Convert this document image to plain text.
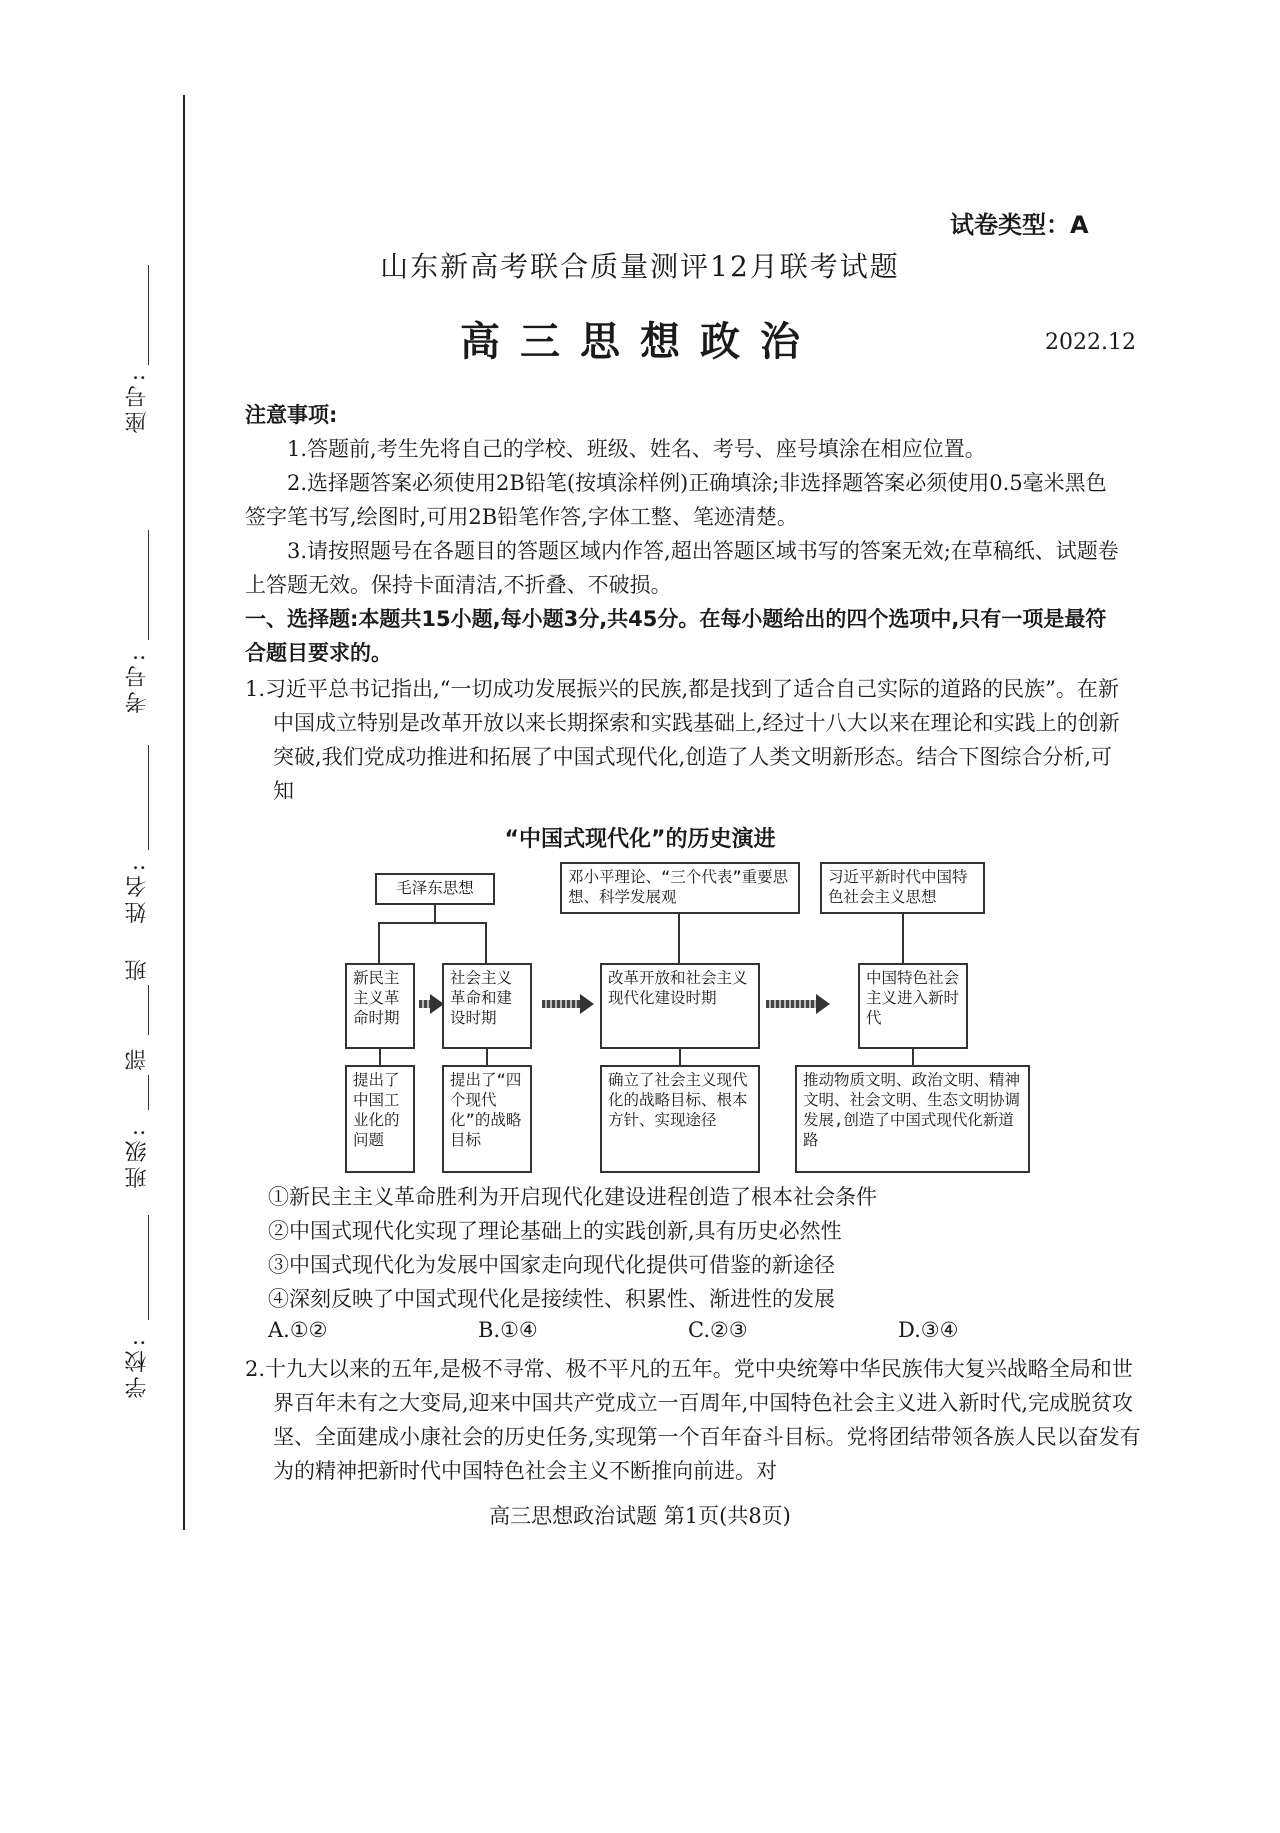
座号:
考号:
姓名:
班
部
班级:
学校:
试卷类型：A
山东新高考联合质量测评12月联考试题
高三思想政治	2022.12
注意事项:
1.答题前,考生先将自己的学校、班级、姓名、考号、座号填涂在相应位置。
2.选择题答案必须使用2B铅笔(按填涂样例)正确填涂;非选择题答案必须使用0.5毫米黑色签字笔书写,绘图时,可用2B铅笔作答,字体工整、笔迹清楚。
3.请按照题号在各题目的答题区域内作答,超出答题区域书写的答案无效;在草稿纸、试题卷上答题无效。保持卡面清洁,不折叠、不破损。
一、选择题:本题共15小题,每小题3分,共45分。在每小题给出的四个选项中,只有一项是最符合题目要求的。
1.习近平总书记指出,“一切成功发展振兴的民族,都是找到了适合自己实际的道路的民族”。在新中国成立特别是改革开放以来长期探索和实践基础上,经过十八大以来在理论和实践上的创新突破,我们党成功推进和拓展了中国式现代化,创造了人类文明新形态。结合下图综合分析,可知
“中国式现代化”的历史演进
毛泽东思想
邓小平理论、“三个代表”重要思想、科学发展观
习近平新时代中国特色社会主义思想
新民主主义革命时期
社会主义革命和建设时期
改革开放和社会主义现代化建设时期
中国特色社会主义进入新时代
提出了中国工业化的问题
提出了“四个现代化”的战略目标
确立了社会主义现代化的战略目标、根本方针、实现途径
推动物质文明、政治文明、精神文明、社会文明、生态文明协调发展,创造了中国式现代化新道路
①新民主主义革命胜利为开启现代化建设进程创造了根本社会条件
②中国式现代化实现了理论基础上的实践创新,具有历史必然性
③中国式现代化为发展中国家走向现代化提供可借鉴的新途径
④深刻反映了中国式现代化是接续性、积累性、渐进性的发展
A.①②	B.①④	C.②③	D.③④
2.十九大以来的五年,是极不寻常、极不平凡的五年。党中央统筹中华民族伟大复兴战略全局和世界百年未有之大变局,迎来中国共产党成立一百周年,中国特色社会主义进入新时代,完成脱贫攻坚、全面建成小康社会的历史任务,实现第一个百年奋斗目标。党将团结带领各族人民以奋发有为的精神把新时代中国特色社会主义不断推向前进。对
高三思想政治试题 第1页(共8页)
